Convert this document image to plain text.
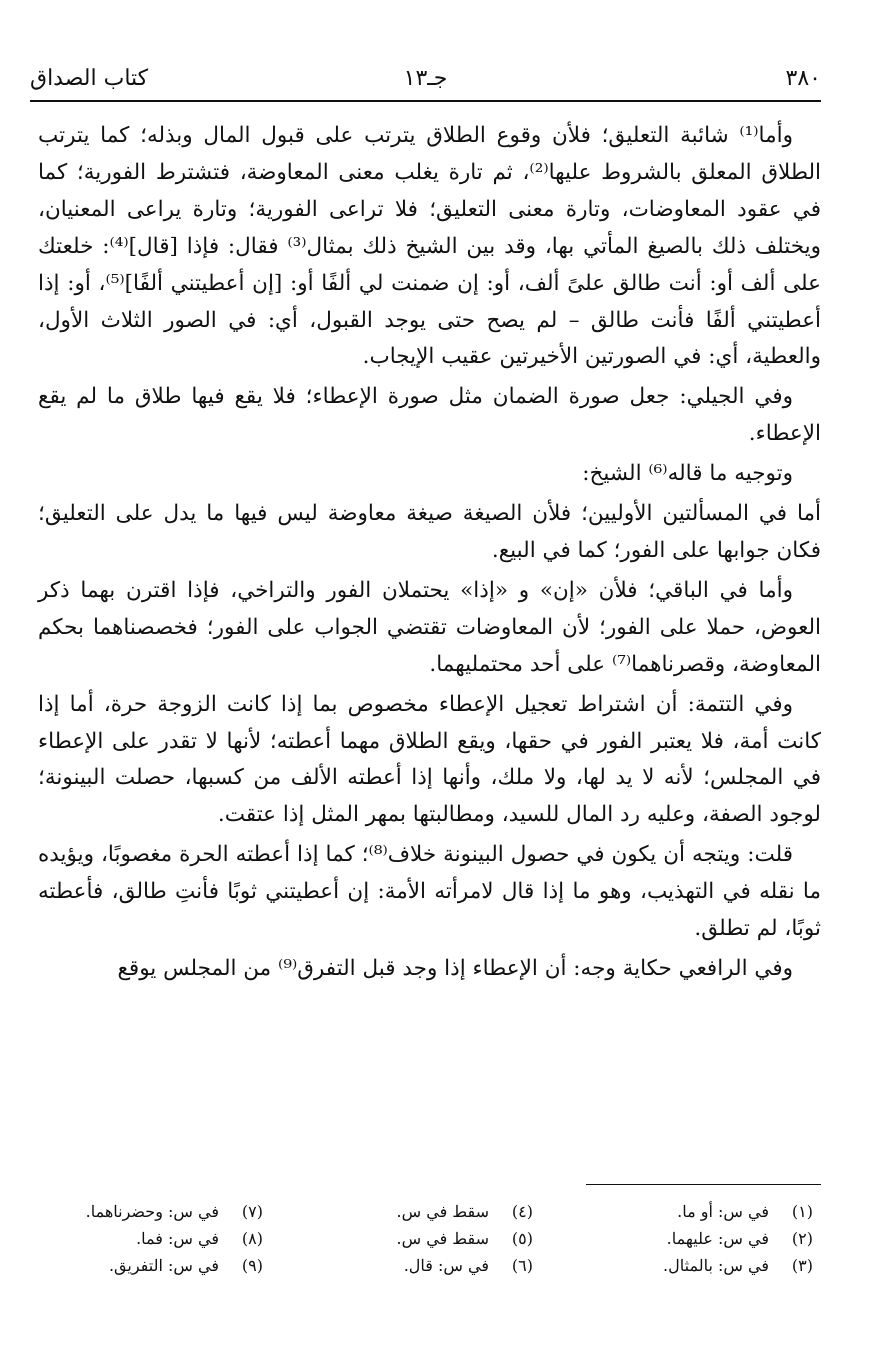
٣٨٠
جـ١٣
كتاب الصداق

وأما⁽¹⁾ شائبة التعليق؛ فلأن وقوع الطلاق يترتب على قبول المال وبذله؛ كما يترتب الطلاق المعلق بالشروط عليها⁽²⁾، ثم تارة يغلب معنى المعاوضة، فتشترط الفورية؛ كما في عقود المعاوضات، وتارة معنى التعليق؛ فلا تراعى الفورية؛ وتارة يراعى المعنيان، ويختلف ذلك بالصيغ المأتي بها، وقد بين الشيخ ذلك بمثال⁽³⁾ فقال: فإذا [قال]⁽⁴⁾: خلعتك على ألف أو: أنت طالق علىً ألف، أو: إن ضمنت لي ألفًا أو: [إن أعطيتني ألفًا]⁽⁵⁾، أو: إذا أعطيتني ألفًا فأنت طالق – لم يصح حتى يوجد القبول، أي: في الصور الثلاث الأول، والعطية، أي: في الصورتين الأخيرتين عقيب الإيجاب.

وفي الجيلي: جعل صورة الضمان مثل صورة الإعطاء؛ فلا يقع فيها طلاق ما لم يقع الإعطاء.

وتوجيه ما قاله⁽⁶⁾ الشيخ:

أما في المسألتين الأوليين؛ فلأن الصيغة صيغة معاوضة ليس فيها ما يدل على التعليق؛ فكان جوابها على الفور؛ كما في البيع.

وأما في الباقي؛ فلأن «إن» و «إذا» يحتملان الفور والتراخي، فإذا اقترن بهما ذكر العوض، حملا على الفور؛ لأن المعاوضات تقتضي الجواب على الفور؛ فخصصناهما بحكم المعاوضة، وقصرناهما⁽⁷⁾ على أحد محتمليهما.

وفي التتمة: أن اشتراط تعجيل الإعطاء مخصوص بما إذا كانت الزوجة حرة، أما إذا كانت أمة، فلا يعتبر الفور في حقها، ويقع الطلاق مهما أعطته؛ لأنها لا تقدر على الإعطاء في المجلس؛ لأنه لا يد لها، ولا ملك، وأنها إذا أعطته الألف من كسبها، حصلت البينونة؛ لوجود الصفة، وعليه رد المال للسيد، ومطالبتها بمهر المثل إذا عتقت.

قلت: ويتجه أن يكون في حصول البينونة خلاف⁽⁸⁾؛ كما إذا أعطته الحرة مغصوبًا، ويؤيده ما نقله في التهذيب، وهو ما إذا قال لامرأته الأمة: إن أعطيتني ثوبًا فأنتِ طالق، فأعطته ثوبًا، لم تطلق.

وفي الرافعي حكاية وجه: أن الإعطاء إذا وجد قبل التفرق⁽⁹⁾ من المجلس يوقع

(١)في س: أو ما.
(٢)في س: عليهما.
(٣)في س: بالمثال.
(٤)سقط في س.
(٥)سقط في س.
(٦)في س: قال.
(٧)في س: وحضرناهما.
(٨)في س: فما.
(٩)في س: التفريق.
